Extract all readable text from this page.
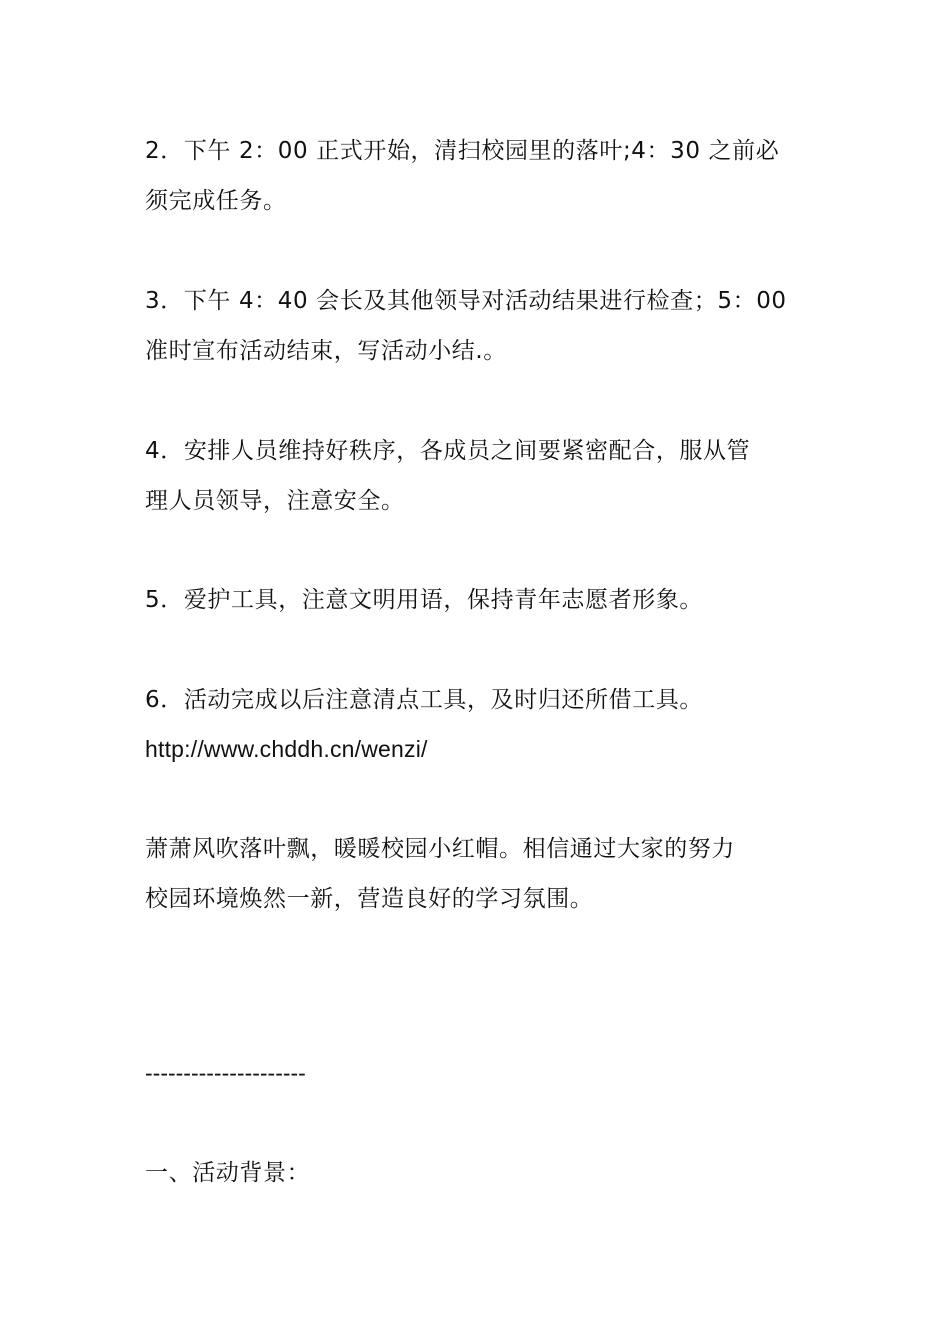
2．下午 2：00 正式开始，清扫校园里的落叶;4：30 之前必
须完成任务。
3．下午 4：40 会长及其他领导对活动结果进行检查；5：00
准时宣布活动结束，写活动小结.。
4．安排人员维持好秩序，各成员之间要紧密配合，服从管
理人员领导，注意安全。
5．爱护工具，注意文明用语，保持青年志愿者形象。
6．活动完成以后注意清点工具，及时归还所借工具。
http://www.chddh.cn/wenzi/
萧萧风吹落叶飘，暖暖校园小红帽。相信通过大家的努力
校园环境焕然一新，营造良好的学习氛围。
---------------------
一、活动背景：
